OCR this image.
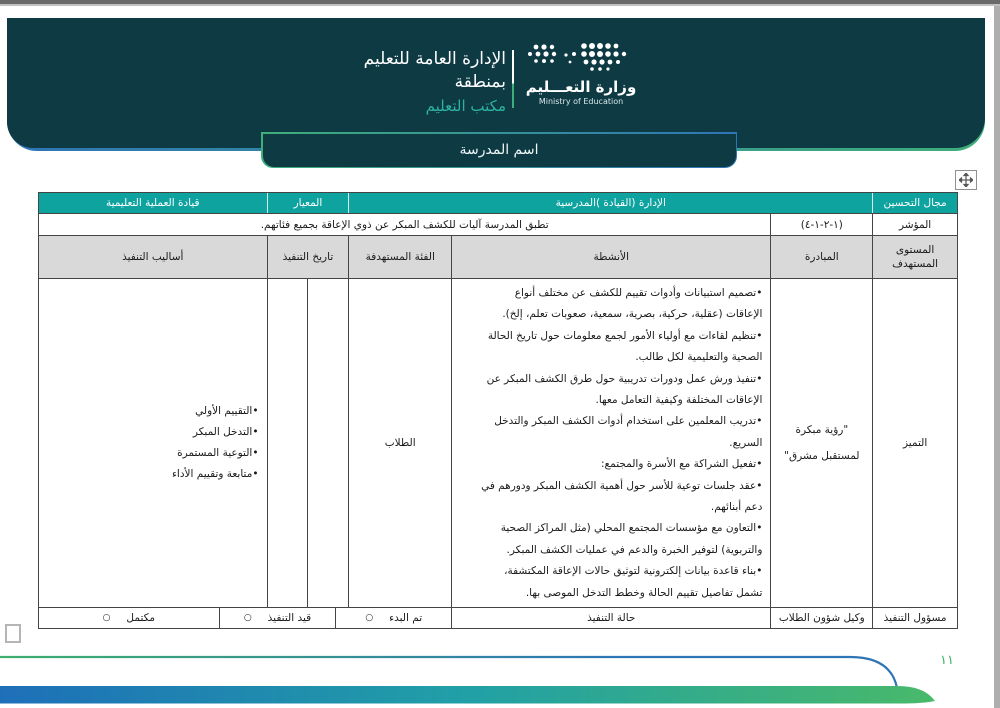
الإدارة العامة للتعليم
بمنطقة
مكتب التعليم
وزارة التعـــليم
Ministry of Education
اسم المدرسة
مجال التحسين
الإدارة (القيادة )المدرسية
المعيار
قيادة العملية التعليمية
المؤشر
(١-٢-١-٤)
تطبق المدرسة آليات للكشف المبكر عن ذوي الإعاقة بجميع فئاتهم.
المستوى المستهدف
المبادرة
الأنشطة
الفئة المستهدفة
تاريخ التنفيذ
أساليب التنفيذ
التميز
"رؤية مبكرة
لمستقبل مشرق"
•تصميم استبيانات وأدوات تقييم للكشف عن مختلف أنواع
الإعاقات (عقلية، حركية، بصرية، سمعية، صعوبات تعلم، إلخ).
•تنظيم لقاءات مع أولياء الأمور لجمع معلومات حول تاريخ الحالة
الصحية والتعليمية لكل طالب.
•تنفيذ ورش عمل ودورات تدريبية حول طرق الكشف المبكر عن
الإعاقات المختلفة وكيفية التعامل معها.
•تدريب المعلمين على استخدام أدوات الكشف المبكر والتدخل
السريع.
•تفعيل الشراكة مع الأسرة والمجتمع:
•عقد جلسات توعية للأسر حول أهمية الكشف المبكر ودورهم في
دعم أبنائهم.
•التعاون مع مؤسسات المجتمع المحلي (مثل المراكز الصحية
والتربوية) لتوفير الخبرة والدعم في عمليات الكشف المبكر.
•بناء قاعدة بيانات إلكترونية لتوثيق حالات الإعاقة المكتشفة،
تشمل تفاصيل تقييم الحالة وخطط التدخل الموصى بها.
الطلاب
•التقييم الأولي
•التدخل المبكر
•التوعية المستمرة
•متابعة وتقييم الأداء
مسؤول التنفيذ
وكيل شؤون الطلاب
حالة التنفيذ
تم البدء
○
قيد التنفيذ
○
مكتمل
○
١١
